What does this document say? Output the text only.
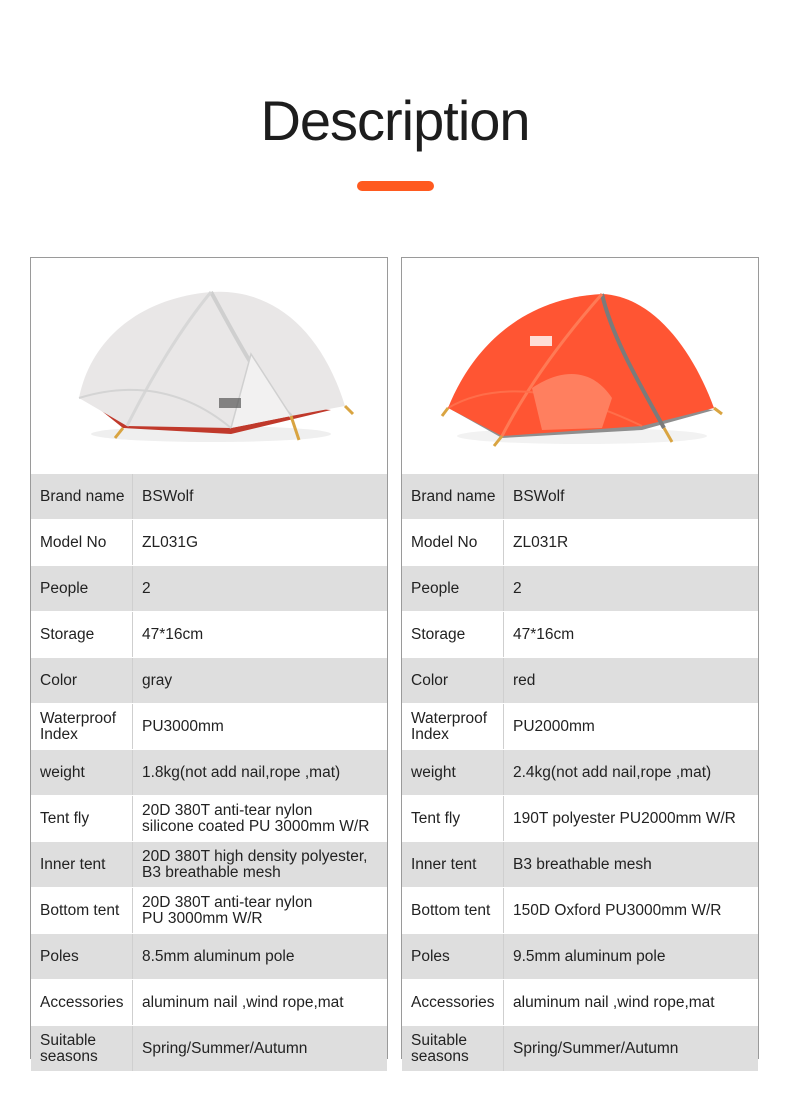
Description
Brand name BSWolf
Model No ZL031G
People	2
Storage	47*16cm
Color	gray
Waterproof
Index	PU3000mm
weight	1.8kg(not add nail,rope ,mat)
Tent fly	20D 380T anti-tear nylon
silicone coated PU 3000mm W/R
Inner tent 20D 380T high density polyester,
B3 breathable mesh
Bottom tent 20D 380T anti-tear nylon
PU 3000mm W/R
Poles	8.5mm aluminum pole
Accessories aluminum nail ,wind rope,mat
Suitable
seasons	Spring/Summer/Autumn
Brand name BSWolf
Model No ZL031R
People	2
Storage	47*16cm
Color	red
Waterproof
Index	PU2000mm
weight	2.4kg(not add nail,rope ,mat)
Tent fly	190T polyester PU2000mm W/R
Inner tent B3 breathable mesh
Bottom tent 150D Oxford PU3000mm W/R
Poles	9.5mm aluminum pole
Accessories aluminum nail ,wind rope,mat
Suitable
seasons	Spring/Summer/Autumn
